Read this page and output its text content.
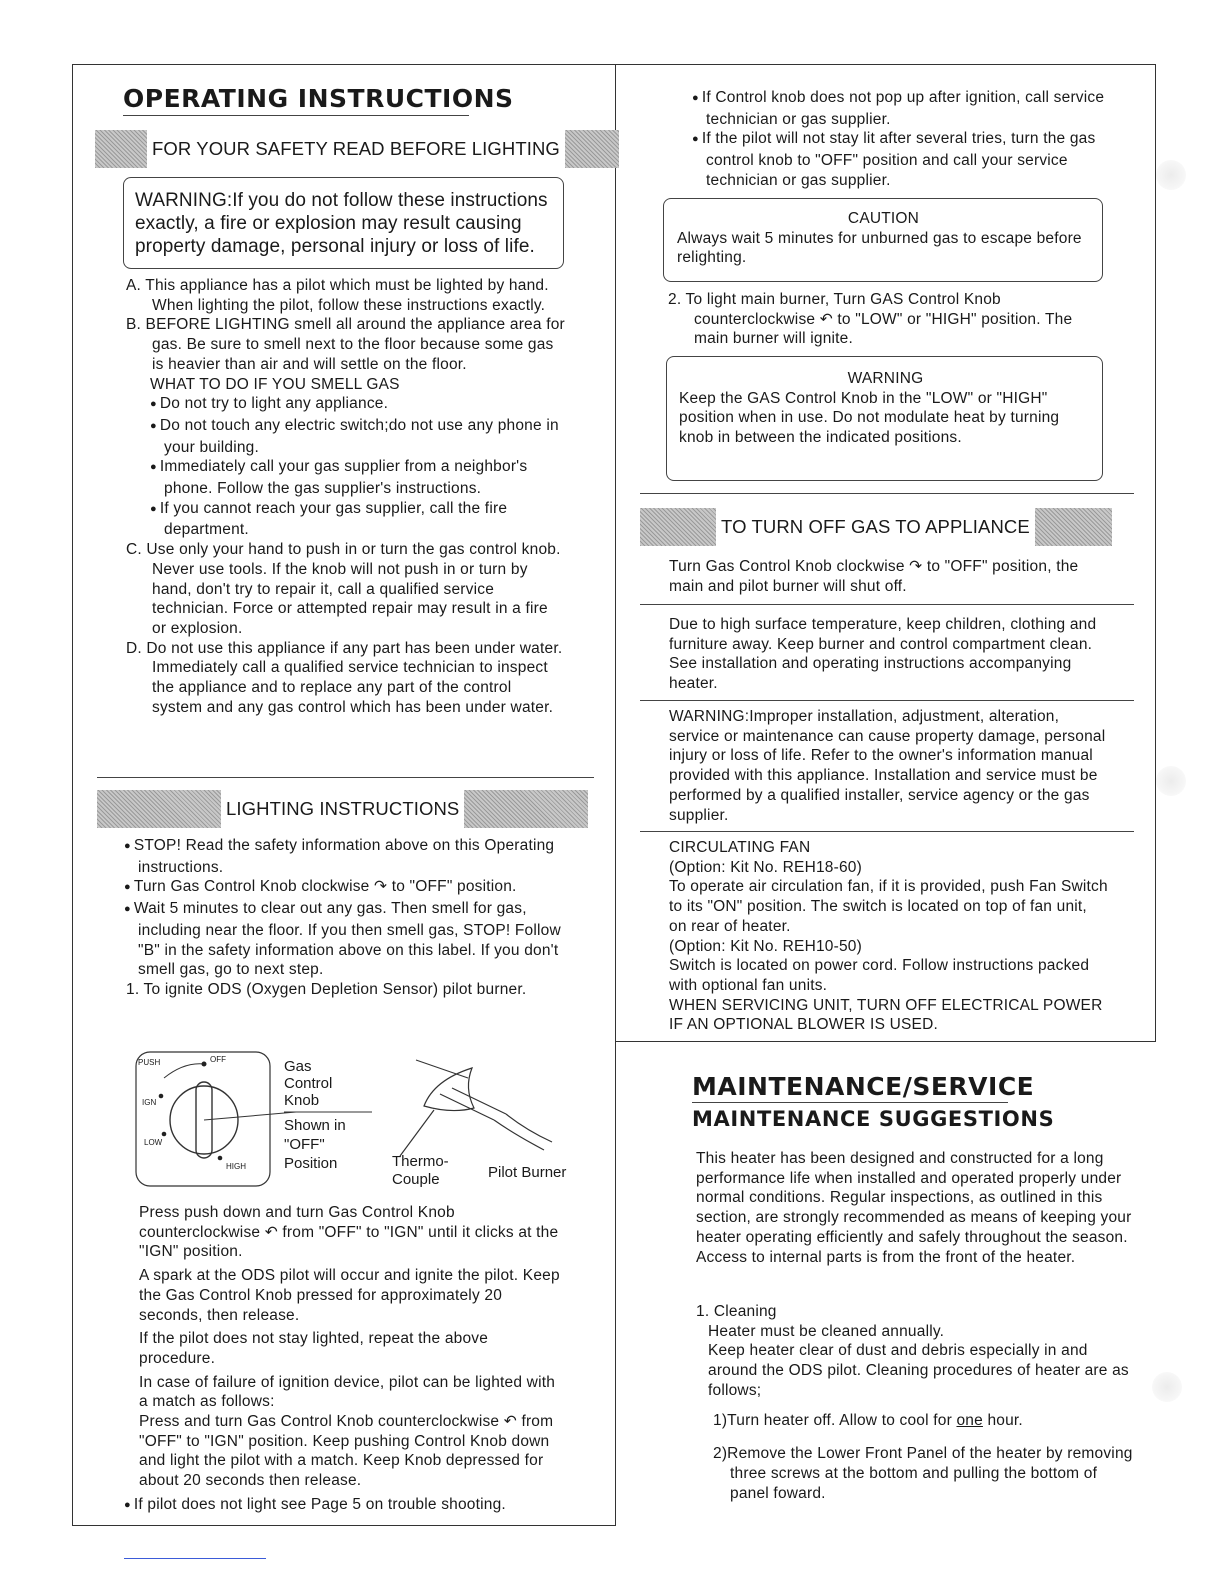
OPERATING INSTRUCTIONS
FOR YOUR SAFETY READ BEFORE LIGHTING
WARNING:If you do not follow these instructions exactly, a fire or explosion may result causing property damage, personal injury or loss of life.
A. This appliance has a pilot which must be lighted by hand. When lighting the pilot, follow these instructions exactly.
B. BEFORE LIGHTING smell all around the appliance area for gas. Be sure to smell next to the floor because some gas is heavier than air and will settle on the floor.
WHAT TO DO IF YOU SMELL GAS
● Do not try to light any appliance.
● Do not touch any electric switch;do not use any phone in your building.
● Immediately call your gas supplier from a neighbor's phone. Follow the gas supplier's instructions.
● If you cannot reach your gas supplier, call the fire department.
C. Use only your hand to push in or turn the gas control knob. Never use tools. If the knob will not push in or turn by hand, don't try to repair it, call a qualified service technician. Force or attempted repair may result in a fire or explosion.
D. Do not use this appliance if any part has been under water. Immediately call a qualified service technician to inspect the appliance and to replace any part of the control system and any gas control which has been under water.
LIGHTING INSTRUCTIONS
● STOP! Read the safety information above on this Operating instructions.
● Turn Gas Control Knob clockwise ↷ to "OFF" position.
● Wait 5 minutes to clear out any gas. Then smell for gas, including near the floor. If you then smell gas, STOP! Follow "B" in the safety information above on this label. If you don't smell gas, go to next step.
1. To ignite ODS (Oxygen Depletion Sensor) pilot burner.
PUSH	OFF
IGN
LOW
HIGH
Gas Control Knob
Shown in "OFF" Position	Thermo- Couple	Pilot Burner
Press push down and turn Gas Control Knob counterclockwise ↶ from "OFF" to "IGN" until it clicks at the "IGN" position.
A spark at the ODS pilot will occur and ignite the pilot. Keep the Gas Control Knob pressed for approximately 20 seconds, then release.
If the pilot does not stay lighted, repeat the above procedure.
In case of failure of ignition device, pilot can be lighted with a match as follows:
Press and turn Gas Control Knob counterclockwise ↶ from "OFF" to "IGN" position. Keep pushing Control Knob down and light the pilot with a match. Keep Knob depressed for about 20 seconds then release.
● If pilot does not light see Page 5 on trouble shooting.
● If Control knob does not pop up after ignition, call service technician or gas supplier.
● If the pilot will not stay lit after several tries, turn the gas control knob to "OFF" position and call your service technician or gas supplier.
CAUTION
Always wait 5 minutes for unburned gas to escape before relighting.
2. To light main burner, Turn GAS Control Knob counterclockwise ↶ to "LOW" or "HIGH" position. The main burner will ignite.
WARNING
Keep the GAS Control Knob in the "LOW" or "HIGH" position when in use. Do not modulate heat by turning knob in between the indicated positions.
TO TURN OFF GAS TO APPLIANCE
Turn Gas Control Knob clockwise ↷ to "OFF" position, the main and pilot burner will shut off.
Due to high surface temperature, keep children, clothing and furniture away. Keep burner and control compartment clean. See installation and operating instructions accompanying heater.
WARNING:Improper installation, adjustment, alteration, service or maintenance can cause property damage, personal injury or loss of life. Refer to the owner's information manual provided with this appliance. Installation and service must be performed by a qualified installer, service agency or the gas supplier.
CIRCULATING FAN
(Option: Kit No. REH18-60)
To operate air circulation fan, if it is provided, push Fan Switch to its "ON" position. The switch is located on top of fan unit, on rear of heater.
(Option: Kit No. REH10-50)
Switch is located on power cord. Follow instructions packed with optional fan units.
WHEN SERVICING UNIT, TURN OFF ELECTRICAL POWER IF AN OPTIONAL BLOWER IS USED.
MAINTENANCE/SERVICE
MAINTENANCE SUGGESTIONS
This heater has been designed and constructed for a long performance life when installed and operated properly under normal conditions. Regular inspections, as outlined in this section, are strongly recommended as means of keeping your heater operating efficiently and safely throughout the season. Access to internal parts is from the front of the heater.
1. Cleaning
Heater must be cleaned annually.
Keep heater clear of dust and debris especially in and around the ODS pilot. Cleaning procedures of heater are as follows;
1)Turn heater off. Allow to cool for one hour.
2)Remove the Lower Front Panel of the heater by removing three screws at the bottom and pulling the bottom of panel foward.
